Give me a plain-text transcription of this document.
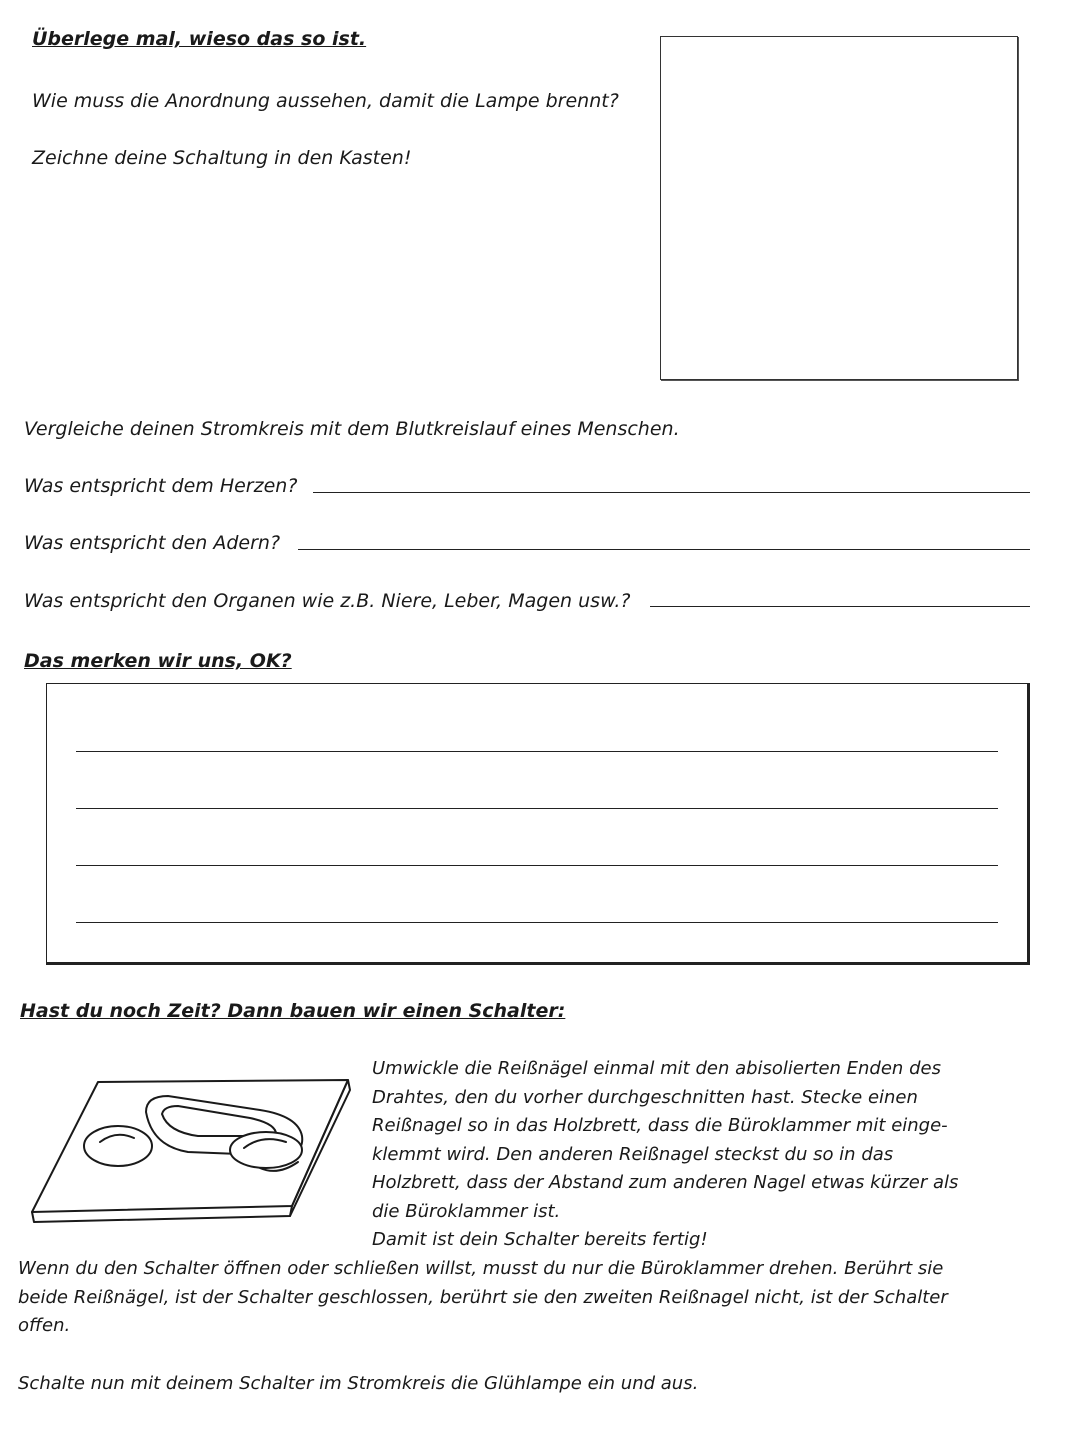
Überlege mal, wieso das so ist.
Wie muss die Anordnung aussehen, damit die Lampe brennt?
Zeichne deine Schaltung in den Kasten!
Vergleiche deinen Stromkreis mit dem Blutkreislauf eines Menschen.
Was entspricht dem Herzen?
Was entspricht den Adern?
Was entspricht den Organen wie z.B. Niere, Leber, Magen usw.?
Das merken wir uns, OK?
Hast du noch Zeit? Dann bauen wir einen Schalter:
Umwickle die Reißnägel einmal mit den abisolierten Enden des
Drahtes, den du vorher durchgeschnitten hast. Stecke einen
Reißnagel so in das Holzbrett, dass die Büroklammer mit einge-
klemmt wird. Den anderen Reißnagel steckst du so in das
Holzbrett, dass der Abstand zum anderen Nagel etwas kürzer als
die Büroklammer ist.
Damit ist dein Schalter bereits fertig!
Wenn du den Schalter öffnen oder schließen willst, musst du nur die Büroklammer drehen. Berührt sie
beide Reißnägel, ist der Schalter geschlossen, berührt sie den zweiten Reißnagel nicht, ist der Schalter
offen.
Schalte nun mit deinem Schalter im Stromkreis die Glühlampe ein und aus.
